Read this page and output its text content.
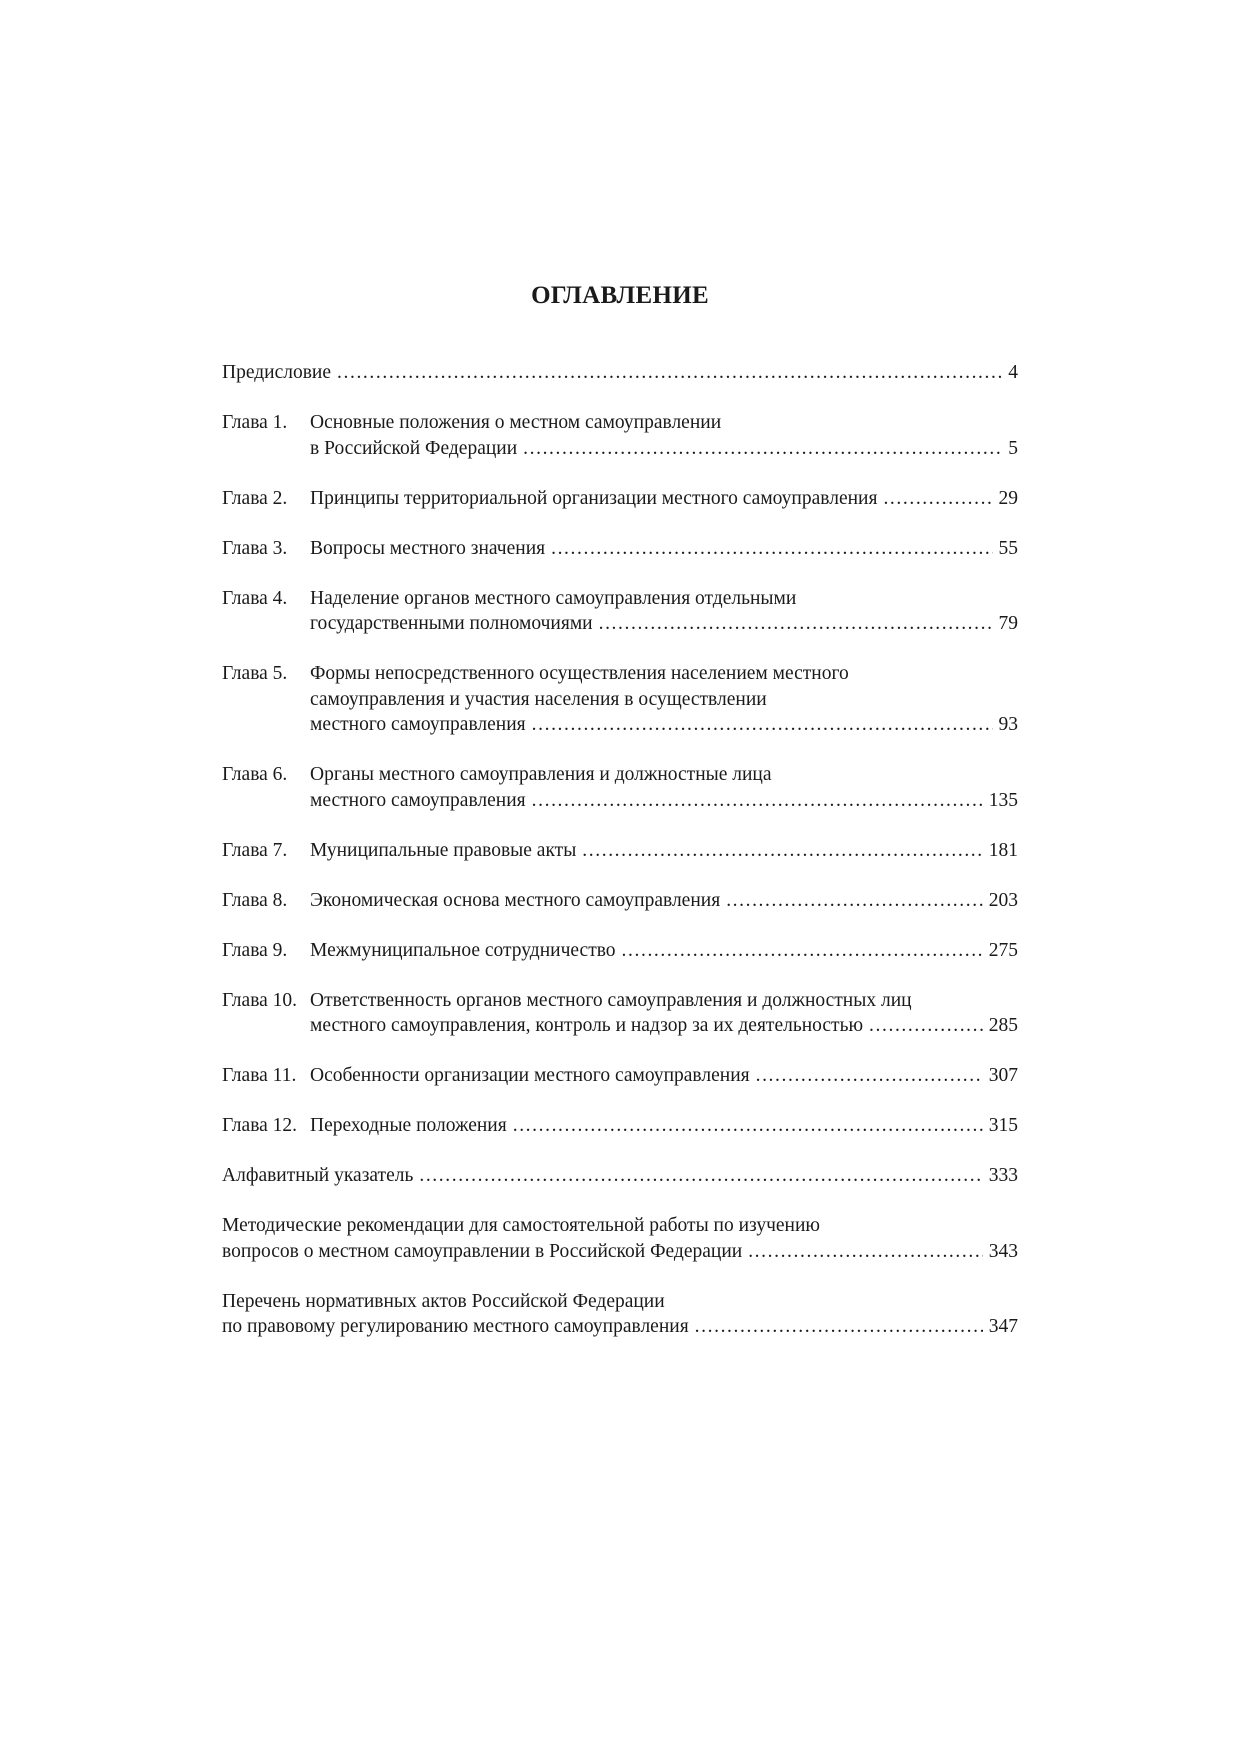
ОГЛАВЛЕНИЕ
Предисловие .....	4
Глава 1.	Основные положения о местном самоуправлении
в Российской Федерации .....	5
Глава 2.	Принципы территориальной организации местного самоуправления .....	29
Глава 3.	Вопросы местного значения .....	55
Глава 4.	Наделение органов местного самоуправления отдельными
государственными полномочиями .....	79
Глава 5.	Формы непосредственного осуществления населением местного
самоуправления и участия населения в осуществлении
местного самоуправления .....	93
Глава 6.	Органы местного самоуправления и должностные лица
местного самоуправления .....	135
Глава 7.	Муниципальные правовые акты .....	181
Глава 8.	Экономическая основа местного самоуправления .....	203
Глава 9.	Межмуниципальное сотрудничество .....	275
Глава 10. Ответственность органов местного самоуправления и должностных лиц
местного самоуправления, контроль и надзор за их деятельностью .....	285
Глава 11. Особенности организации местного самоуправления .....	307
Глава 12. Переходные положения .....	315
Алфавитный указатель .....	333
Методические рекомендации для самостоятельной работы по изучению
вопросов о местном самоуправлении в Российской Федерации .....	343
Перечень нормативных актов Российской Федерации
по правовому регулированию местного самоуправления .....	347
